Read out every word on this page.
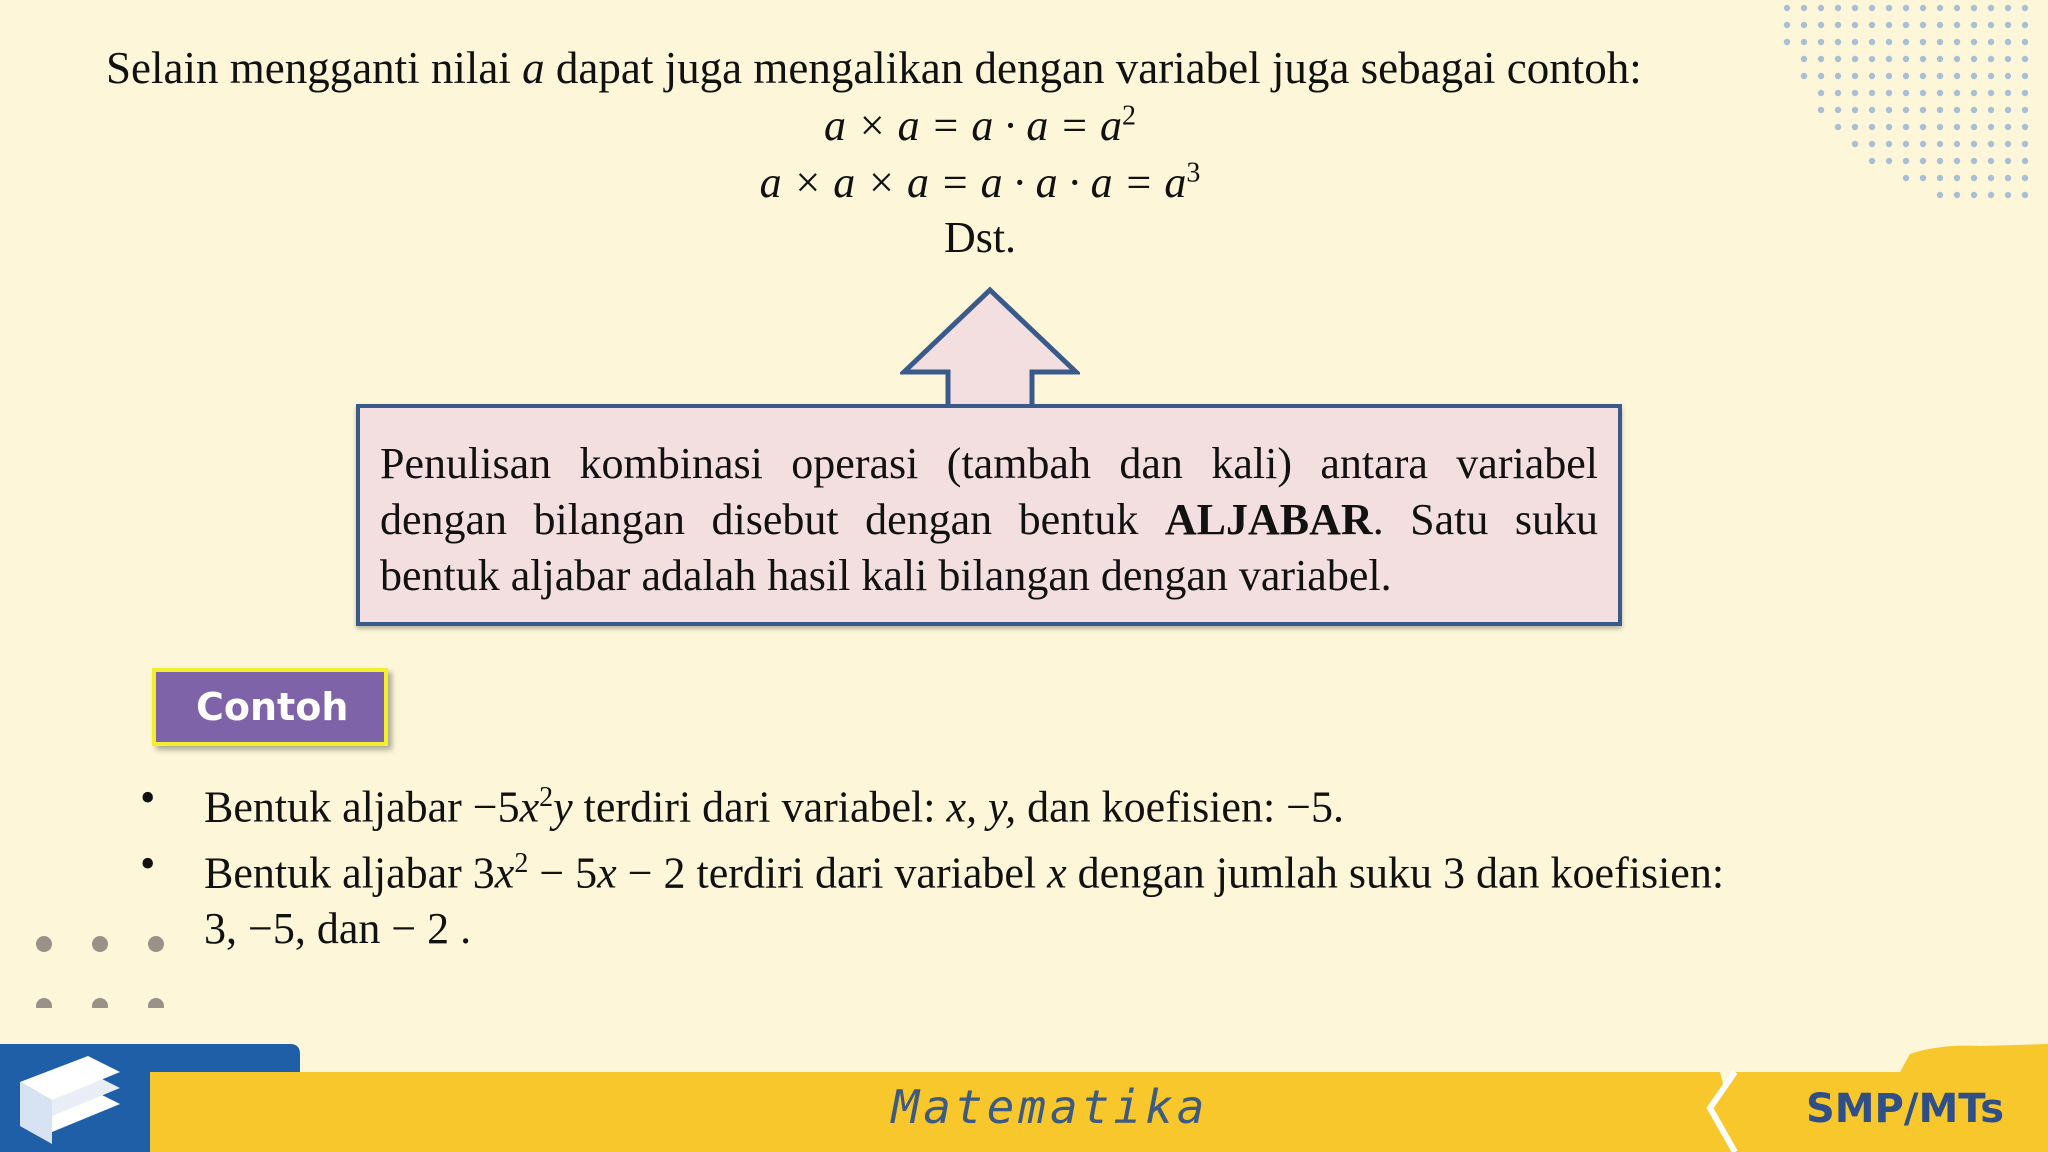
Selain mengganti nilai a dapat juga mengalikan dengan variabel juga sebagai contoh:
$a \times a = a \cdot a = a^2$
$a \times a \times a = a \cdot a \cdot a = a^3$
Dst.
Penulisan kombinasi operasi (tambah dan kali) antara variabel dengan bilangan disebut dengan bentuk ALJABAR. Satu suku bentuk aljabar adalah hasil kali bilangan dengan variabel.
Contoh
• Bentuk aljabar $-5x^2y$ terdiri dari variabel: x, y, dan koefisien: −5.
• Bentuk aljabar $3x^2 - 5x - 2$ terdiri dari variabel x dengan jumlah suku 3 dan koefisien:
3, −5, dan − 2 .
Matematika	SMP/MTs
